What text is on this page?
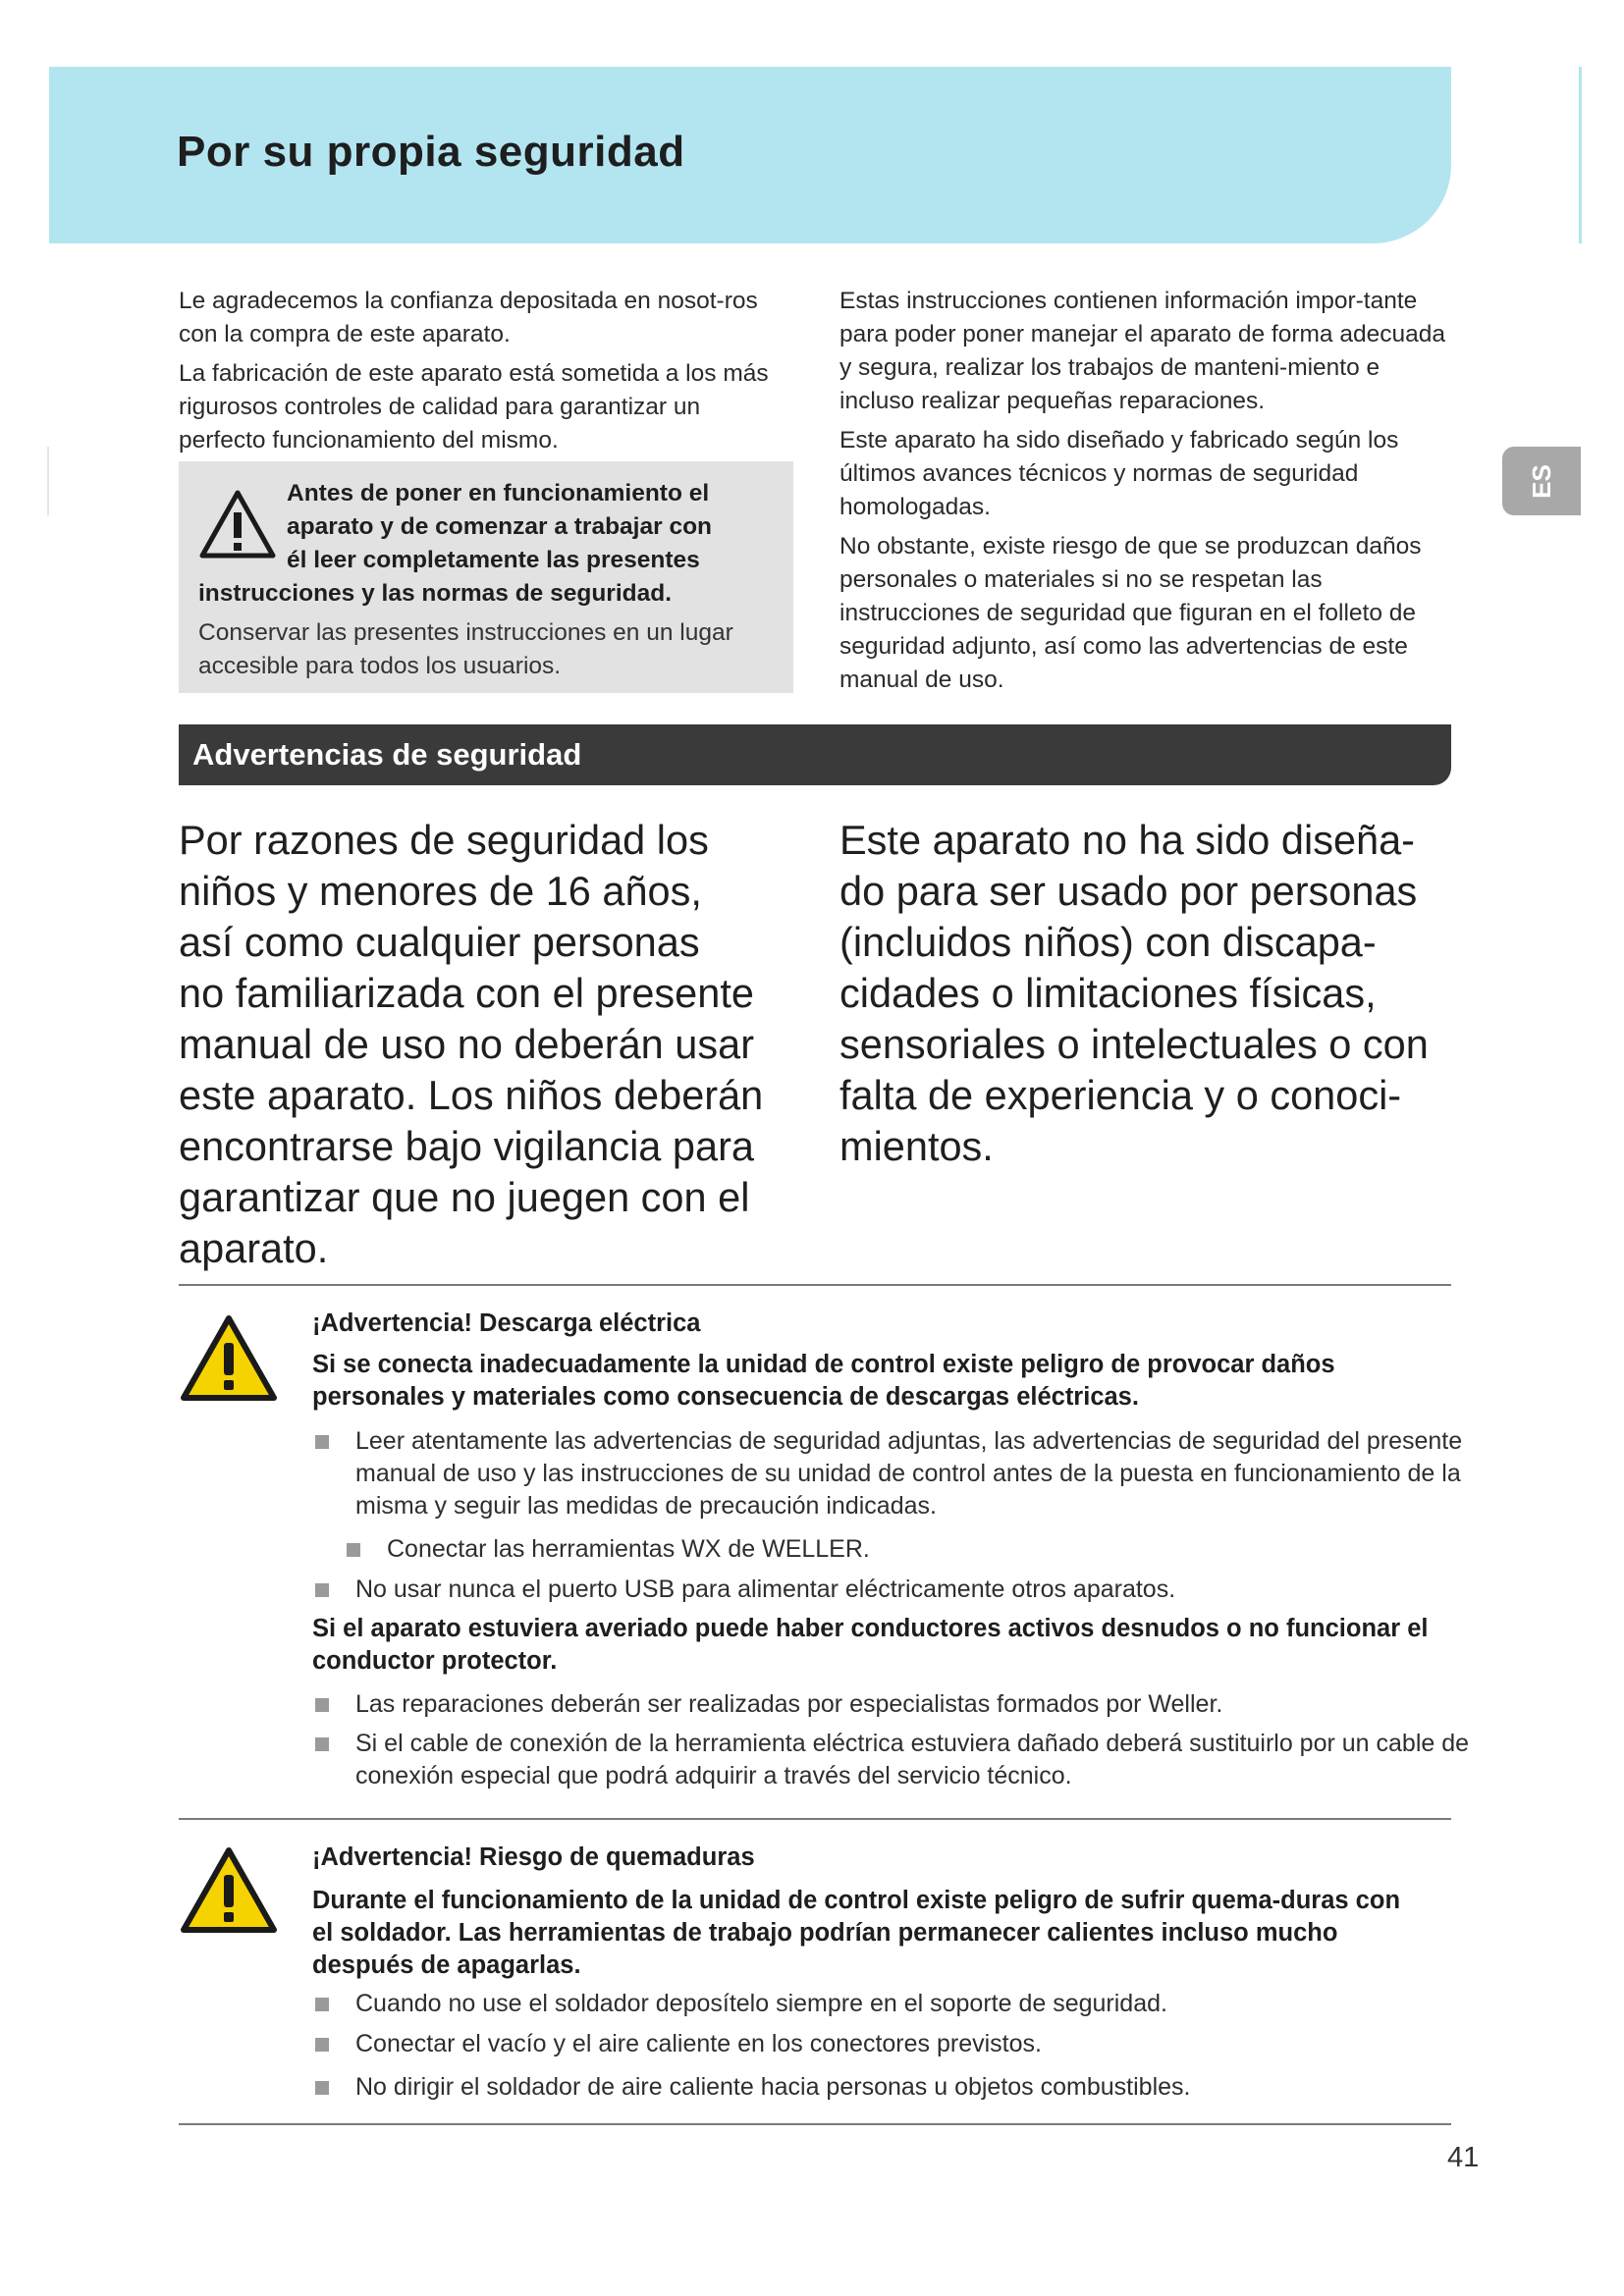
Por su propia seguridad
ES

Le agradecemos la confianza depositada en nosot-ros con la compra de este aparato.

La fabricación de este aparato está sometida a los más rigurosos controles de calidad para garantizar un perfecto funcionamiento del mismo.

Antes de poner en funcionamiento el
aparato y de comenzar a trabajar con
él leer completamente las presentes
instrucciones y las normas de seguridad.
Conservar las presentes instrucciones en un lugar accesible para todos los usuarios.

Estas instrucciones contienen información impor-tante para poder poner manejar el aparato de forma adecuada y segura, realizar los trabajos de manteni-miento e incluso realizar pequeñas reparaciones.

Este aparato ha sido diseñado y fabricado según los últimos avances técnicos y normas de seguridad homologadas.

No obstante, existe riesgo de que se produzcan daños personales o materiales si no se respetan las instrucciones de seguridad que figuran en el folleto de seguridad adjunto, así como las advertencias de este manual de uso.

Advertencias de seguridad
Por razones de seguridad los
niños y menores de 16 años,
así como cualquier personas
no familiarizada con el presente
manual de uso no deberán usar
este aparato. Los niños deberán
encontrarse bajo vigilancia para
garantizar que no juegen con el
aparato.
Este aparato no ha sido diseña-
do para ser usado por personas
(incluidos niños) con discapa-
cidades o limitaciones físicas,
sensoriales o intelectuales o con
falta de experiencia y o conoci-
mientos.
¡Advertencia! Descarga eléctrica
Si se conecta inadecuadamente la unidad de control existe peligro de provocar daños personales y materiales como consecuencia de descargas eléctricas.
Leer atentamente las advertencias de seguridad adjuntas, las advertencias de seguridad del presente manual de uso y las instrucciones de su unidad de control antes de la puesta en funcionamiento de la misma y seguir las medidas de precaución indicadas.
Conectar las herramientas WX de WELLER.
No usar nunca el puerto USB para alimentar eléctricamente otros aparatos.
Si el aparato estuviera averiado puede haber conductores activos desnudos o no funcionar el conductor protector.
Las reparaciones deberán ser realizadas por especialistas formados por Weller.
Si el cable de conexión de la herramienta eléctrica estuviera dañado deberá sustituirlo por un cable de conexión especial que podrá adquirir a través del servicio técnico.
¡Advertencia! Riesgo de quemaduras
Durante el funcionamiento de la unidad de control existe peligro de sufrir quema-duras con el soldador. Las herramientas de trabajo podrían permanecer calientes incluso mucho después de apagarlas.
Cuando no use el soldador deposítelo siempre en el soporte de seguridad.
Conectar el vacío y el aire caliente en los conectores previstos.
No dirigir el soldador de aire caliente hacia personas u objetos combustibles.
41
